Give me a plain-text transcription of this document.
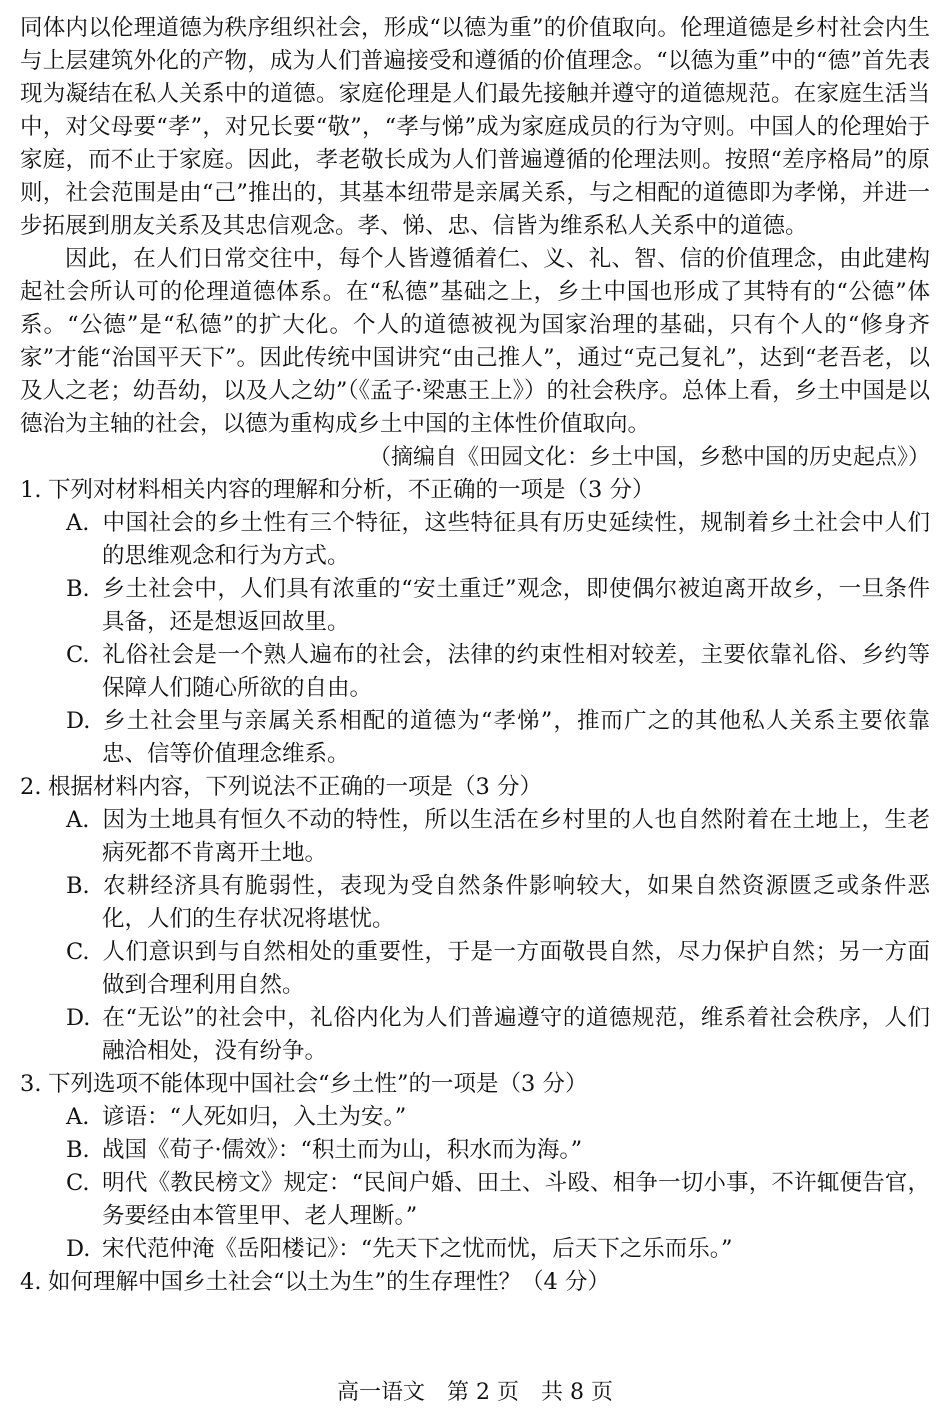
同体内以伦理道德为秩序组织社会，形成“以德为重”的价值取向。伦理道德是乡村社会内生与上层建筑外化的产物，成为人们普遍接受和遵循的价值理念。“以德为重”中的“德”首先表现为凝结在私人关系中的道德。家庭伦理是人们最先接触并遵守的道德规范。在家庭生活当中，对父母要“孝”，对兄长要“敬”，“孝与悌”成为家庭成员的行为守则。中国人的伦理始于家庭，而不止于家庭。因此，孝老敬长成为人们普遍遵循的伦理法则。按照“差序格局”的原则，社会范围是由“己”推出的，其基本纽带是亲属关系，与之相配的道德即为孝悌，并进一步拓展到朋友关系及其忠信观念。孝、悌、忠、信皆为维系私人关系中的道德。

因此，在人们日常交往中，每个人皆遵循着仁、义、礼、智、信的价值理念，由此建构起社会所认可的伦理道德体系。在“私德”基础之上，乡土中国也形成了其特有的“公德”体系。“公德”是“私德”的扩大化。个人的道德被视为国家治理的基础，只有个人的“修身齐家”才能“治国平天下”。因此传统中国讲究“由己推人”，通过“克己复礼”，达到“老吾老，以及人之老；幼吾幼，以及人之幼”（《孟子·梁惠王上》）的社会秩序。总体上看，乡土中国是以德治为主轴的社会，以德为重构成乡土中国的主体性价值取向。

（摘编自《田园文化：乡土中国，乡愁中国的历史起点》）

1. 下列对材料相关内容的理解和分析，不正确的一项是（3 分）

A. 中国社会的乡土性有三个特征，这些特征具有历史延续性，规制着乡土社会中人们的思维观念和行为方式。

B. 乡土社会中，人们具有浓重的“安土重迁”观念，即使偶尔被迫离开故乡，一旦条件具备，还是想返回故里。

C. 礼俗社会是一个熟人遍布的社会，法律的约束性相对较差，主要依靠礼俗、乡约等保障人们随心所欲的自由。

D. 乡土社会里与亲属关系相配的道德为“孝悌”，推而广之的其他私人关系主要依靠忠、信等价值理念维系。

2. 根据材料内容，下列说法不正确的一项是（3 分）

A. 因为土地具有恒久不动的特性，所以生活在乡村里的人也自然附着在土地上，生老病死都不肯离开土地。

B. 农耕经济具有脆弱性，表现为受自然条件影响较大，如果自然资源匮乏或条件恶化，人们的生存状况将堪忧。

C. 人们意识到与自然相处的重要性，于是一方面敬畏自然，尽力保护自然；另一方面做到合理利用自然。

D. 在“无讼”的社会中，礼俗内化为人们普遍遵守的道德规范，维系着社会秩序，人们融洽相处，没有纷争。

3. 下列选项不能体现中国社会“乡土性”的一项是（3 分）

A. 谚语：“人死如归，入土为安。”

B. 战国《荀子·儒效》：“积土而为山，积水而为海。”

C. 明代《教民榜文》规定：“民间户婚、田土、斗殴、相争一切小事，不许辄便告官，务要经由本管里甲、老人理断。”

D. 宋代范仲淹《岳阳楼记》：“先天下之忧而忧，后天下之乐而乐。”

4. 如何理解中国乡土社会“以土为生”的生存理性？（4 分）

高一语文　第 2 页　共 8 页
